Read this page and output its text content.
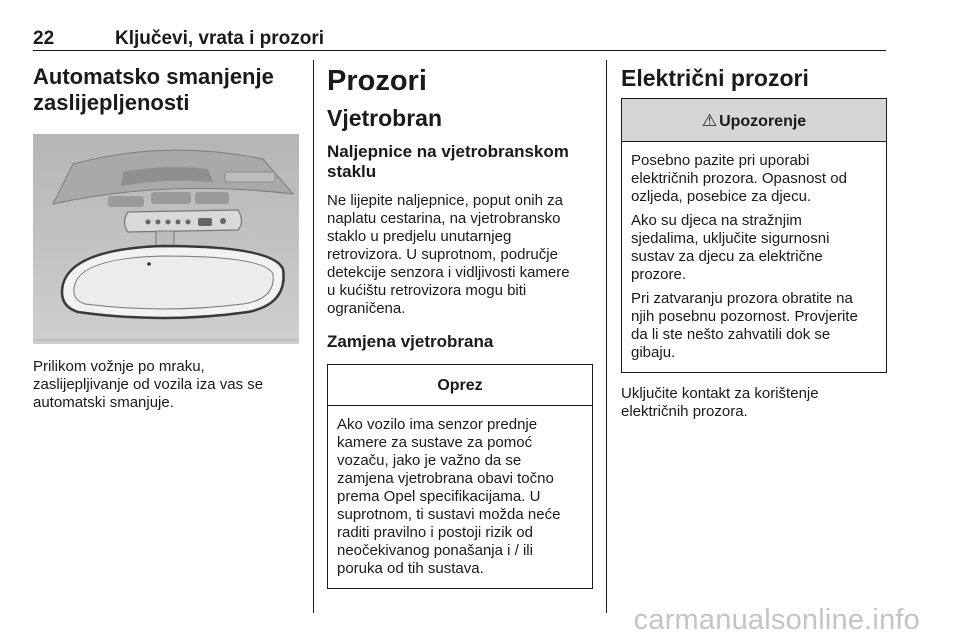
22	Ključevi, vrata i prozori
Automatsko smanjenje
zaslijepljenosti

Prilikom vožnje po mraku,
zaslijepljivanje od vozila iza vas se
automatski smanjuje.

Prozori
Vjetrobran
Naljepnice na vjetrobranskom
staklu

Ne lijepite naljepnice, poput onih za
naplatu cestarina, na vjetrobransko
staklo u predjelu unutarnjeg
retrovizora. U suprotnom, područje
detekcije senzora i vidljivosti kamere
u kućištu retrovizora mogu biti
ograničena.

Zamjena vjetrobrana
Oprez

Ako vozilo ima senzor prednje
kamere za sustave za pomoć
vozaču, jako je važno da se
zamjena vjetrobrana obavi točno
prema Opel specifikacijama. U
suprotnom, ti sustavi možda neće
raditi pravilno i postoji rizik od
neočekivanog ponašanja i / ili
poruka od tih sustava.

Električni prozori
⚠ Upozorenje

Posebno pazite pri uporabi
električnih prozora. Opasnost od
ozljeda, posebice za djecu.

Ako su djeca na stražnjim
sjedalima, uključite sigurnosni
sustav za djecu za električne
prozore.

Pri zatvaranju prozora obratite na
njih posebnu pozornost. Provjerite
da li ste nešto zahvatili dok se
gibaju.

Uključite kontakt za korištenje
električnih prozora.

carmanualsonline.info
